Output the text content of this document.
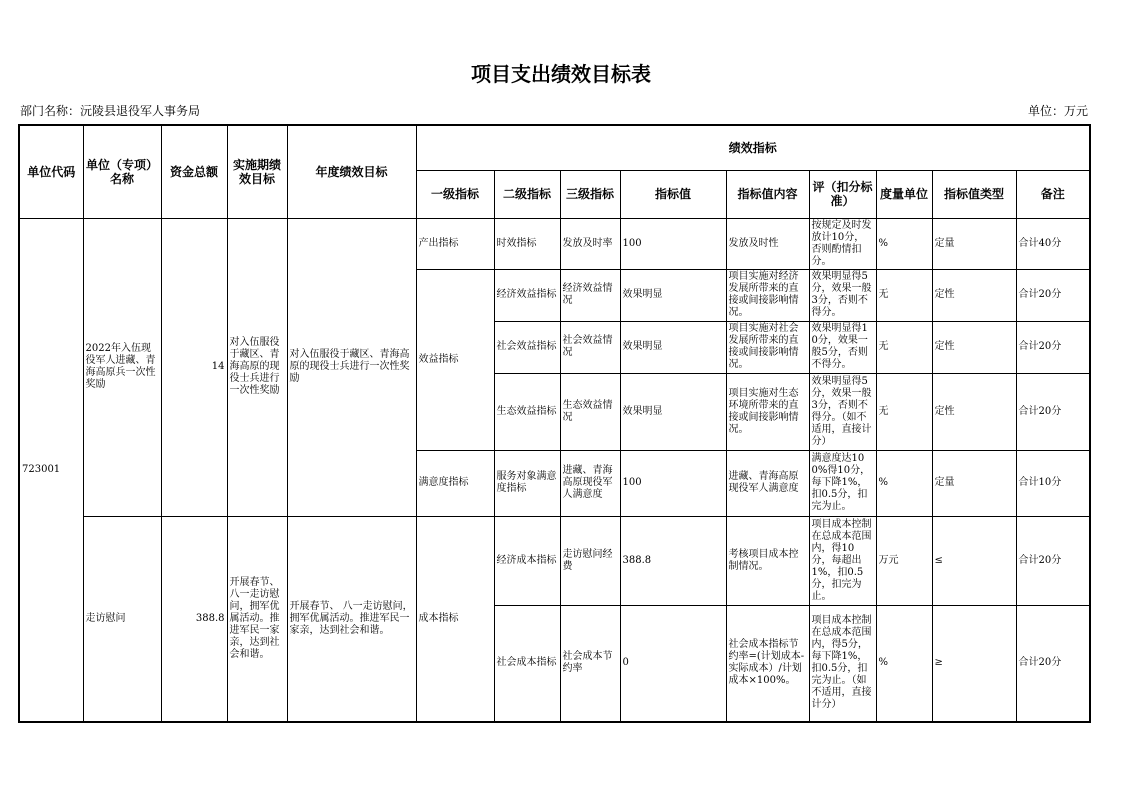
项目支出绩效目标表
部门名称：沅陵县退役军人事务局	单位：万元
单位代码	单位（专项）名称	资金总额	实施期绩效目标	年度绩效目标	绩效指标								
					一级指标	二级指标	三级指标	指标值	指标值内容	评（扣分标准）	度量单位	指标值类型	备注
723001	2022年入伍现役军人进藏、青海高原兵一次性奖励	14	对入伍服役于藏区、青海高原的现役士兵进行一次性奖励	对入伍服役于藏区、青海高原的现役士兵进行一次性奖励	产出指标	时效指标	发放及时率	100	发放及时性	按规定及时发放计10分，否则酌情扣分。	%	定量	合计40分
					效益指标	经济效益指标	经济效益情况	效果明显	项目实施对经济发展所带来的直接或间接影响情况。	效果明显得5分，效果一般3分，否则不得分。	无	定性	合计20分
						社会效益指标	社会效益情况	效果明显	项目实施对社会发展所带来的直接或间接影响情况。	效果明显得10分，效果一般5分，否则不得分。	无	定性	合计20分
						生态效益指标	生态效益情况	效果明显	项目实施对生态环境所带来的直接或间接影响情况。	效果明显得5分，效果一般3分，否则不得分。（如不适用，直接计分）	无	定性	合计20分
					满意度指标	服务对象满意度指标	进藏、青海高原现役军人满意度	100	进藏、青海高原现役军人满意度	满意度达100%得10分，每下降1%，扣0.5分，扣完为止。	%	定量	合计10分
	走访慰问	388.8	开展春节、 八一走访慰问，拥军优属活动。推进军民一家亲，达到社会和谐。	开展春节、 八一走访慰问，拥军优属活动。推进军民一家亲，达到社会和谐。	成本指标	经济成本指标	走访慰问经费	388.8	考核项目成本控制情况。	项目成本控制在总成本范围内，得10分，每超出1%，扣0.5分，扣完为止。	万元	≤	合计20分
						社会成本指标	社会成本节约率	0	社会成本指标节约率=(计划成本-实际成本）/计划成本×100%。	项目成本控制在总成本范围内，得5分，每下降1%，扣0.5分，扣完为止。（如不适用，直接计分）	%	≥	合计20分
